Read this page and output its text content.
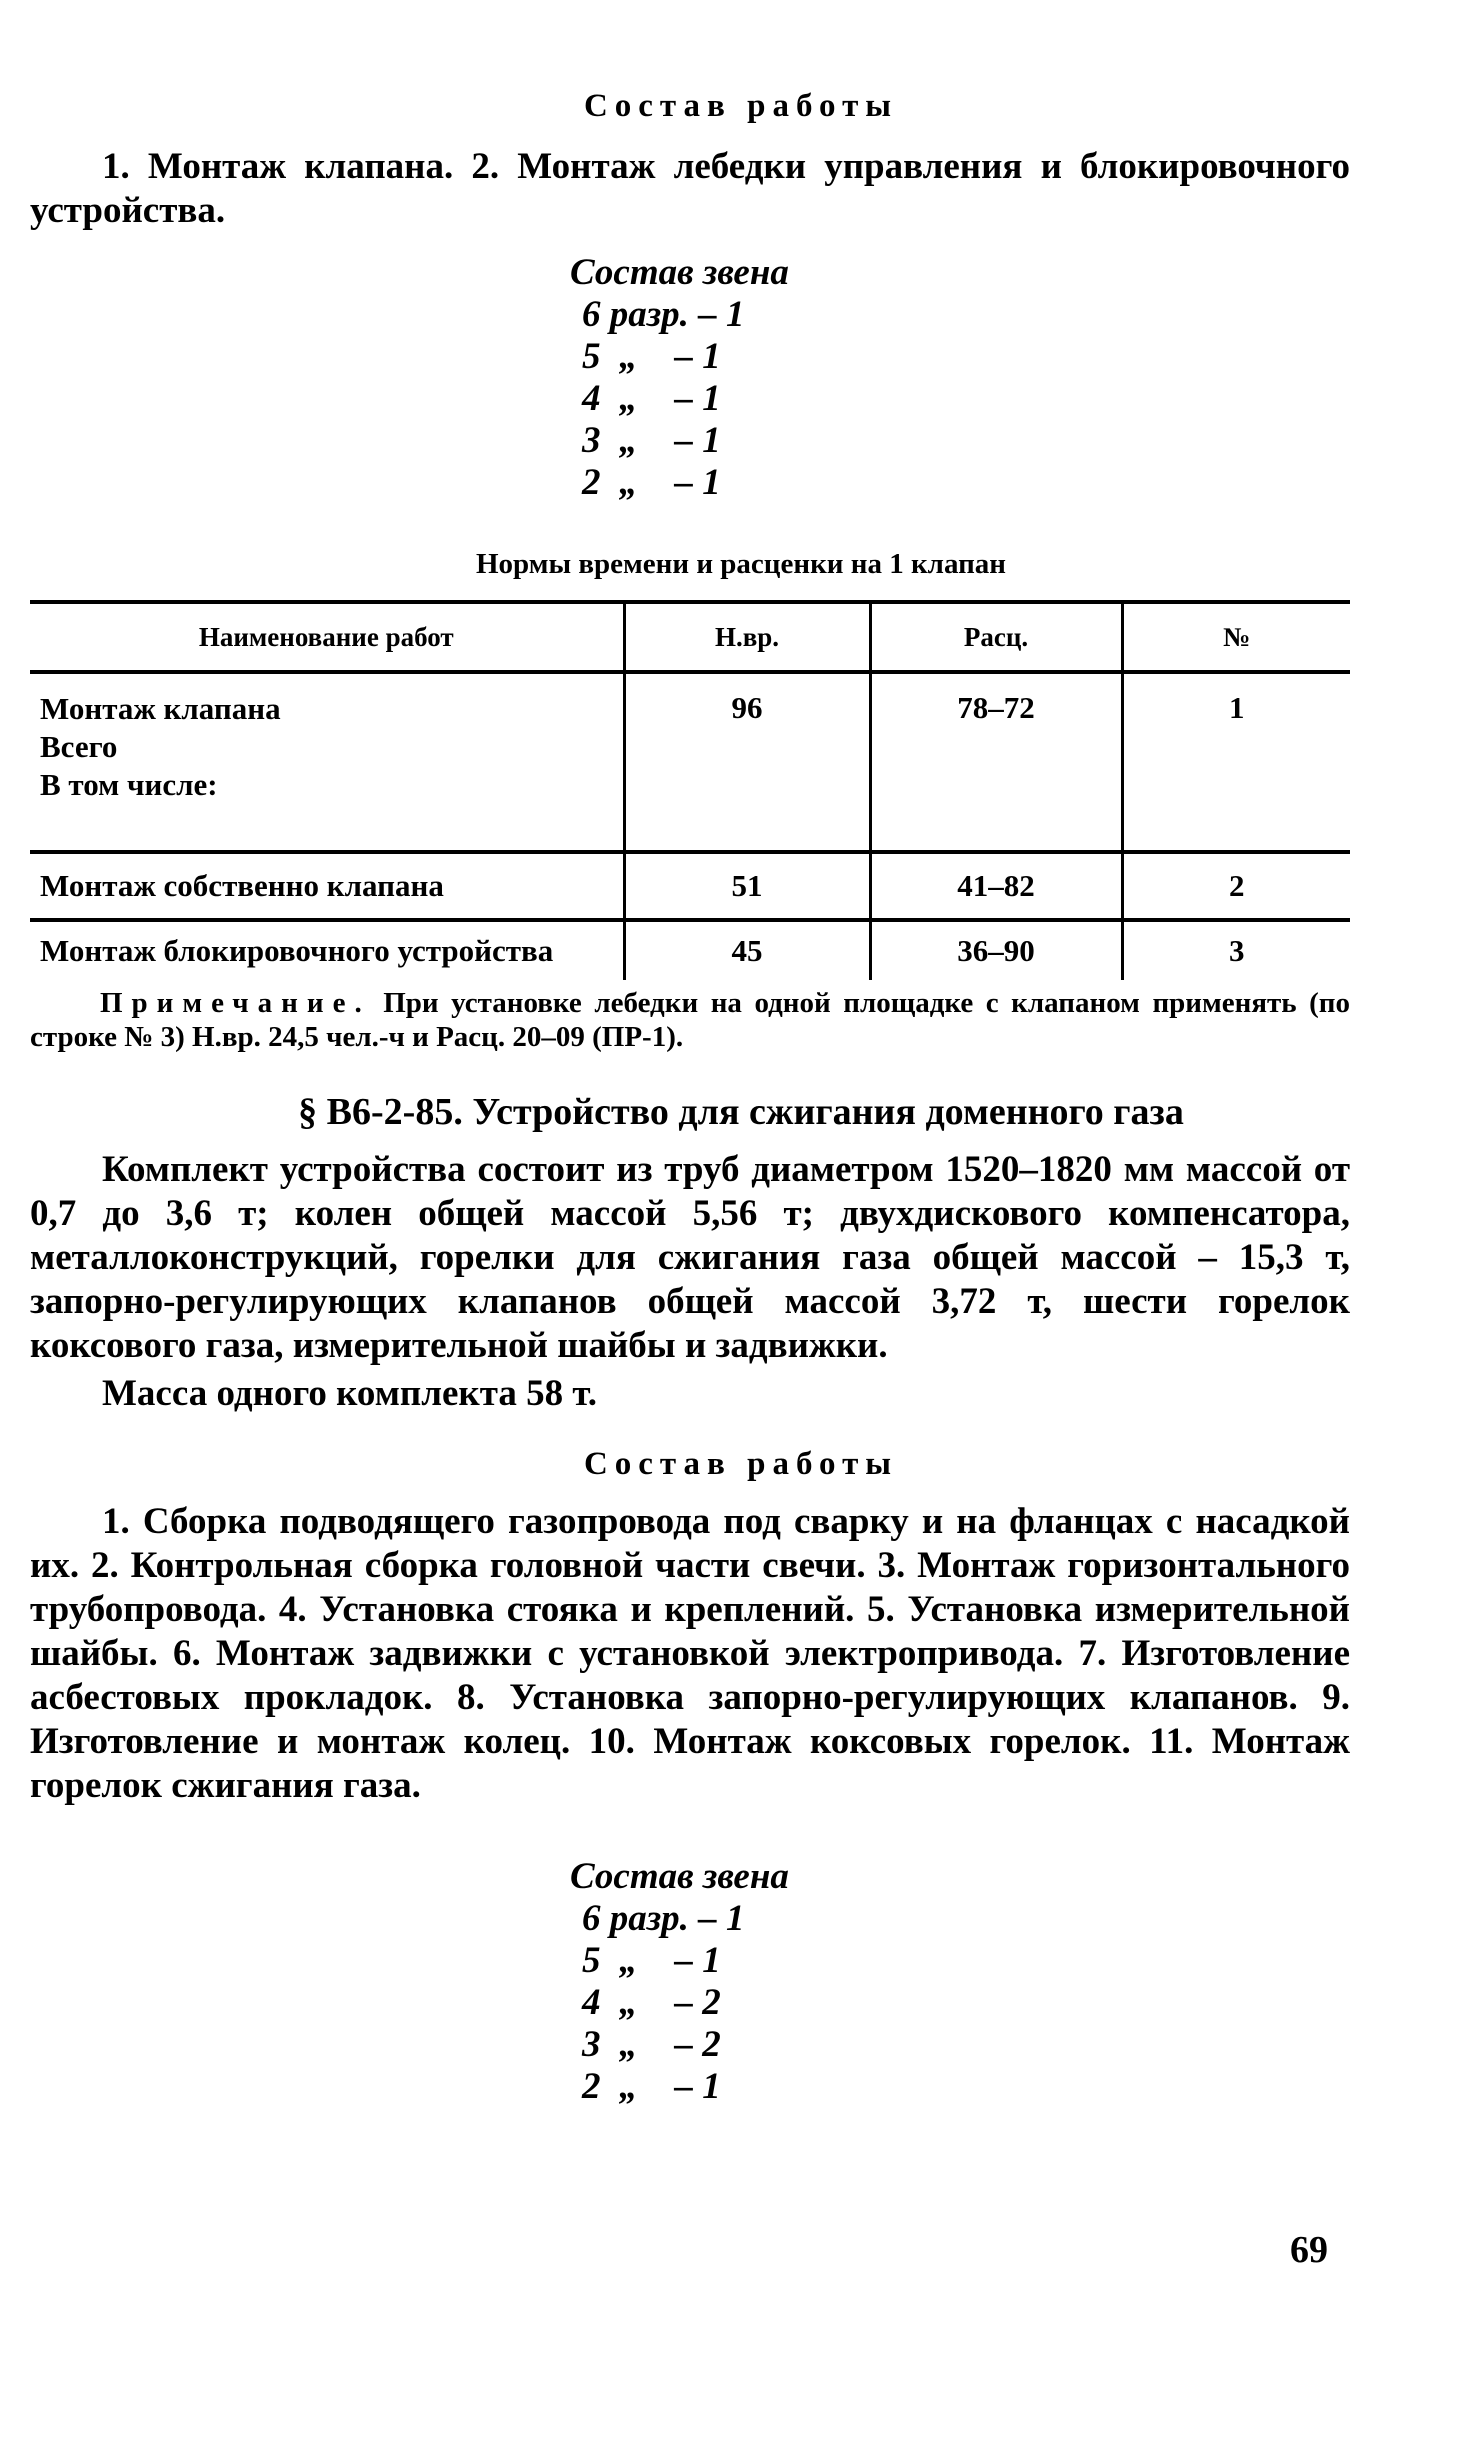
Состав работы
1. Монтаж клапана. 2. Монтаж лебедки управления и блокировочного устройства.
Состав звена
6 разр. – 1
5  „ – 1
4  „ – 1
3  „ – 1
2  „ – 1
Нормы времени и расценки на 1 клапан
Наименование работ	Н.вр.	Расц.	№

Монтаж клапана
Всего
В том числе:	96	78–72	1
Монтаж собственно клапана	51	41–82	2
Монтаж блокировочного устройства	45	36–90	3
Примечание. При установке лебедки на одной площадке с клапаном применять (по строке № 3) Н.вр. 24,5 чел.-ч и Расц. 20–09 (ПР-1).
§ В6-2-85. Устройство для сжигания доменного газа
Комплект устройства состоит из труб диаметром 1520–1820 мм массой от 0,7 до 3,6 т; колен общей массой 5,56 т; двухдискового компенсатора, металлоконструкций, горелки для сжигания газа общей массой – 15,3 т, запорно-регулирующих клапанов общей массой 3,72 т, шести горелок коксового газа, измерительной шайбы и задвижки.
Масса одного комплекта 58 т.
Состав работы
1. Сборка подводящего газопровода под сварку и на фланцах с насадкой их. 2. Контрольная сборка головной части свечи. 3. Монтаж горизонтального трубопровода. 4. Установка стояка и креплений. 5. Установка измерительной шайбы. 6. Монтаж задвижки с установкой электропривода. 7. Изготовление асбестовых прокладок. 8. Установка запорно-регулирующих клапанов. 9. Изготовление и монтаж колец. 10. Монтаж коксовых горелок. 11. Монтаж горелок сжигания газа.
Состав звена
6 разр. – 1
5  „ – 1
4  „ – 2
3  „ – 2
2  „ – 1
69
